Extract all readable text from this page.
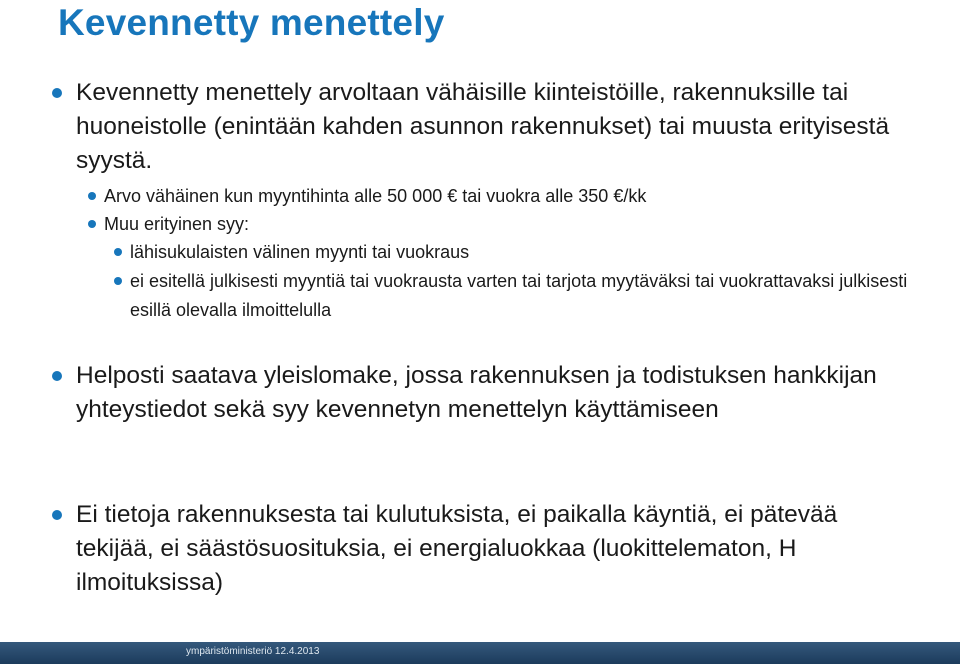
Kevennetty menettely
Kevennetty menettely arvoltaan vähäisille kiinteistöille, rakennuksille tai huoneistolle (enintään kahden asunnon rakennukset) tai muusta erityisestä syystä.
Arvo vähäinen kun myyntihinta alle 50 000 € tai vuokra alle 350 €/kk
Muu erityinen syy:
lähisukulaisten välinen myynti tai vuokraus
ei esitellä julkisesti myyntiä tai vuokrausta varten tai tarjota myytäväksi tai vuokrattavaksi julkisesti esillä olevalla ilmoittelulla
Helposti saatava yleislomake, jossa rakennuksen ja todistuksen hankkijan yhteystiedot sekä syy kevennetyn menettelyn käyttämiseen
Ei tietoja rakennuksesta tai kulutuksista, ei paikalla käyntiä, ei pätevää tekijää, ei säästösuosituksia, ei energialuokkaa (luokittelematon, H ilmoituksissa)
ympäristöministeriö 12.4.2013
